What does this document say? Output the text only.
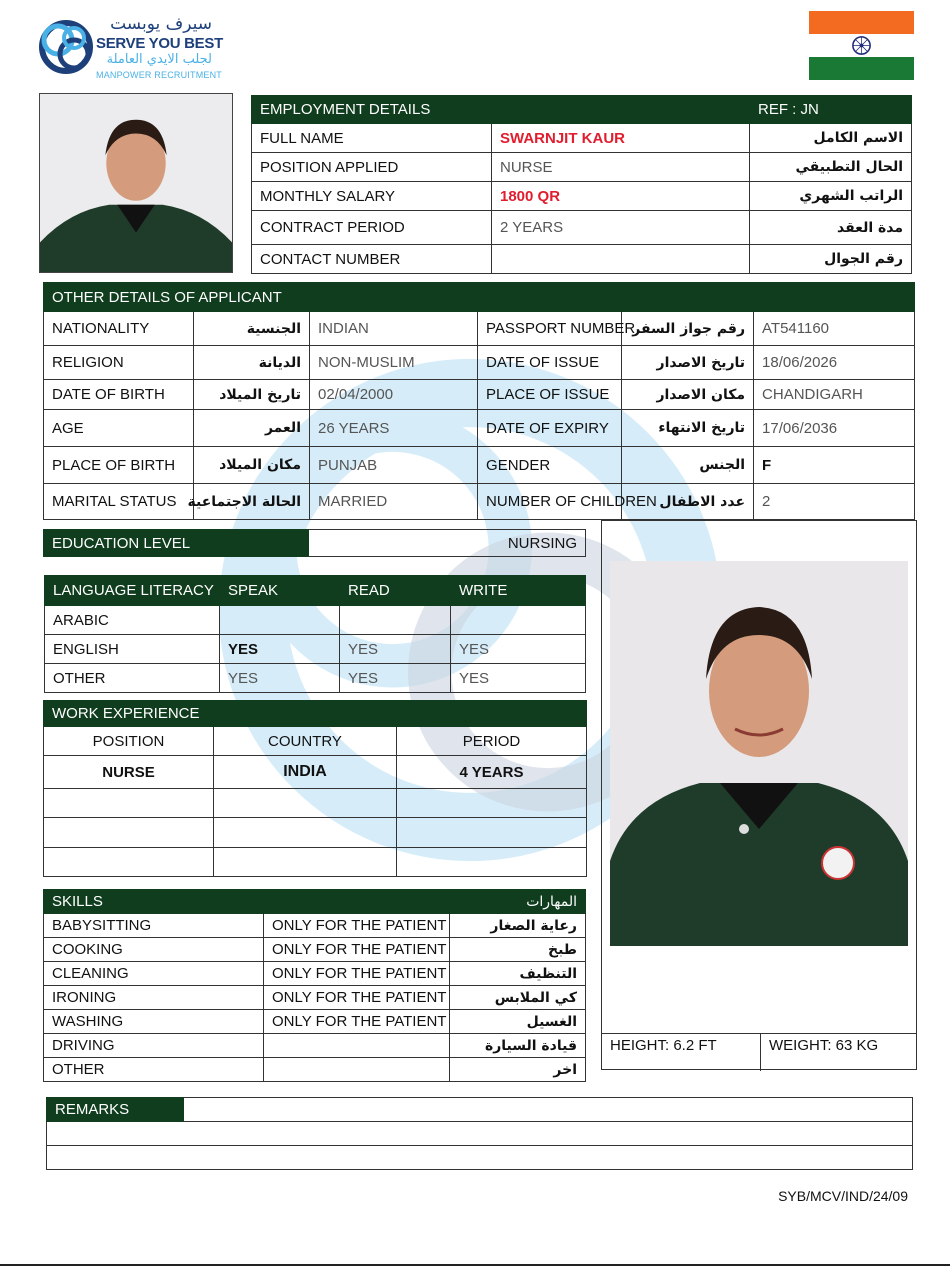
سيرف يوبست
SERVE YOU BEST
لجلب الايدي العاملة
MANPOWER RECRUITMENT
EMPLOYMENT DETAILS		REF : JN
FULL NAME	SWARNJIT KAUR	الاسم الكامل
POSITION APPLIED	NURSE	الحال التطبيقي
MONTHLY SALARY	1800 QR	الراتب الشهري
CONTRACT PERIOD	2 YEARS	مدة العقد
CONTACT NUMBER		رقم الجوال
OTHER DETAILS OF APPLICANT					
NATIONALITY	الجنسية	INDIAN	PASSPORT NUMBER	رقم جواز السفر	AT541160
RELIGION	الديانة	NON-MUSLIM	DATE OF ISSUE	تاريخ الاصدار	18/06/2026
DATE OF BIRTH	تاريخ الميلاد	02/04/2000	PLACE OF ISSUE	مكان الاصدار	CHANDIGARH
AGE	العمر	26 YEARS	DATE OF EXPIRY	تاريخ الانتهاء	17/06/2036
PLACE OF BIRTH	مكان الميلاد	PUNJAB	GENDER	الجنس	F
MARITAL STATUS	الحالة الاجتماعية	MARRIED	NUMBER OF CHILDREN	عدد الاطفال	2
EDUCATION LEVEL	NURSING
LANGUAGE LITERACY	SPEAK	READ	WRITE
ARABIC			
ENGLISH	YES	YES	YES
OTHER	YES	YES	YES
WORK EXPERIENCE			
POSITION	COUNTRY		PERIOD
NURSE	INDIA		4 YEARS

SKILLS	المهارات	
BABYSITTING	ONLY FOR THE PATIENT	رعاية الصغار
COOKING	ONLY FOR THE PATIENT	طبخ
CLEANING	ONLY FOR THE PATIENT	التنظيف
IRONING	ONLY FOR THE PATIENT	كي الملابس
WASHING	ONLY FOR THE PATIENT	الغسيل
DRIVING		قيادة السيارة
OTHER		اخر
HEIGHT: 6.2 FT	WEIGHT: 63 KG
REMARKS	

SYB/MCV/IND/24/09
